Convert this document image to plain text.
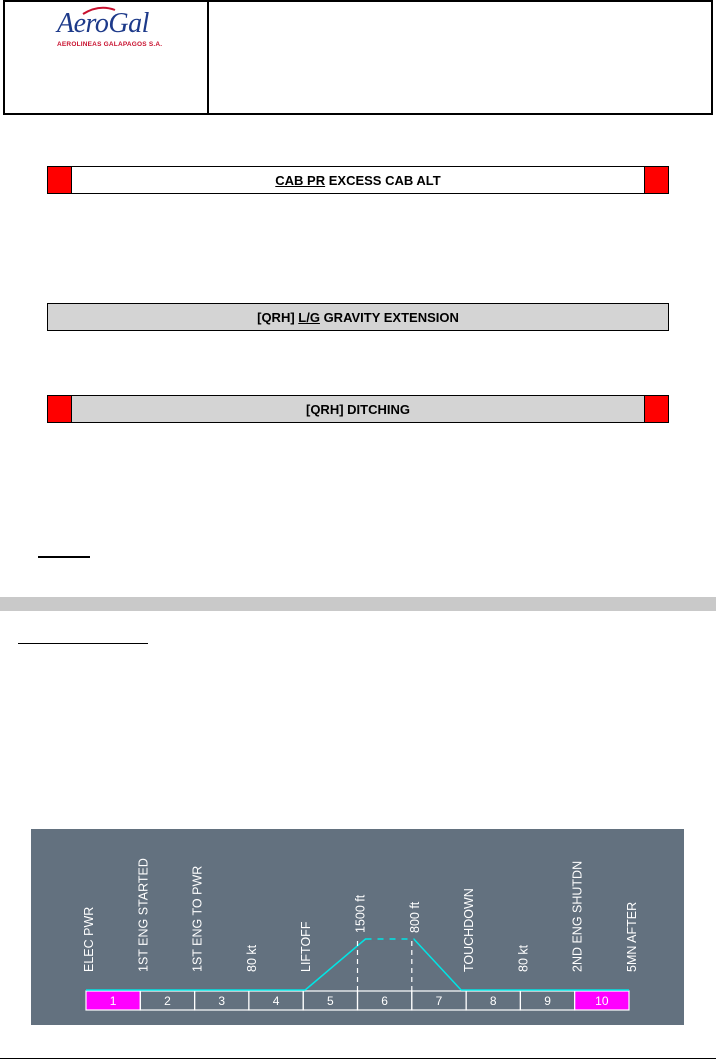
AeroGal
AEROLINEAS GALAPAGOS S.A.
CAB PR EXCESS CAB ALT
[QRH] L/G GRAVITY EXTENSION
[QRH] DITCHING
1	2	3	4	5	6	7	8	9	10
ELEC PWR	1ST ENG STARTED	1ST ENG TO PWR	80 kt	LIFTOFF
1500 ft	800 ft	TOUCHDOWN	80 kt	2ND ENG SHUTDN	5MN AFTER
